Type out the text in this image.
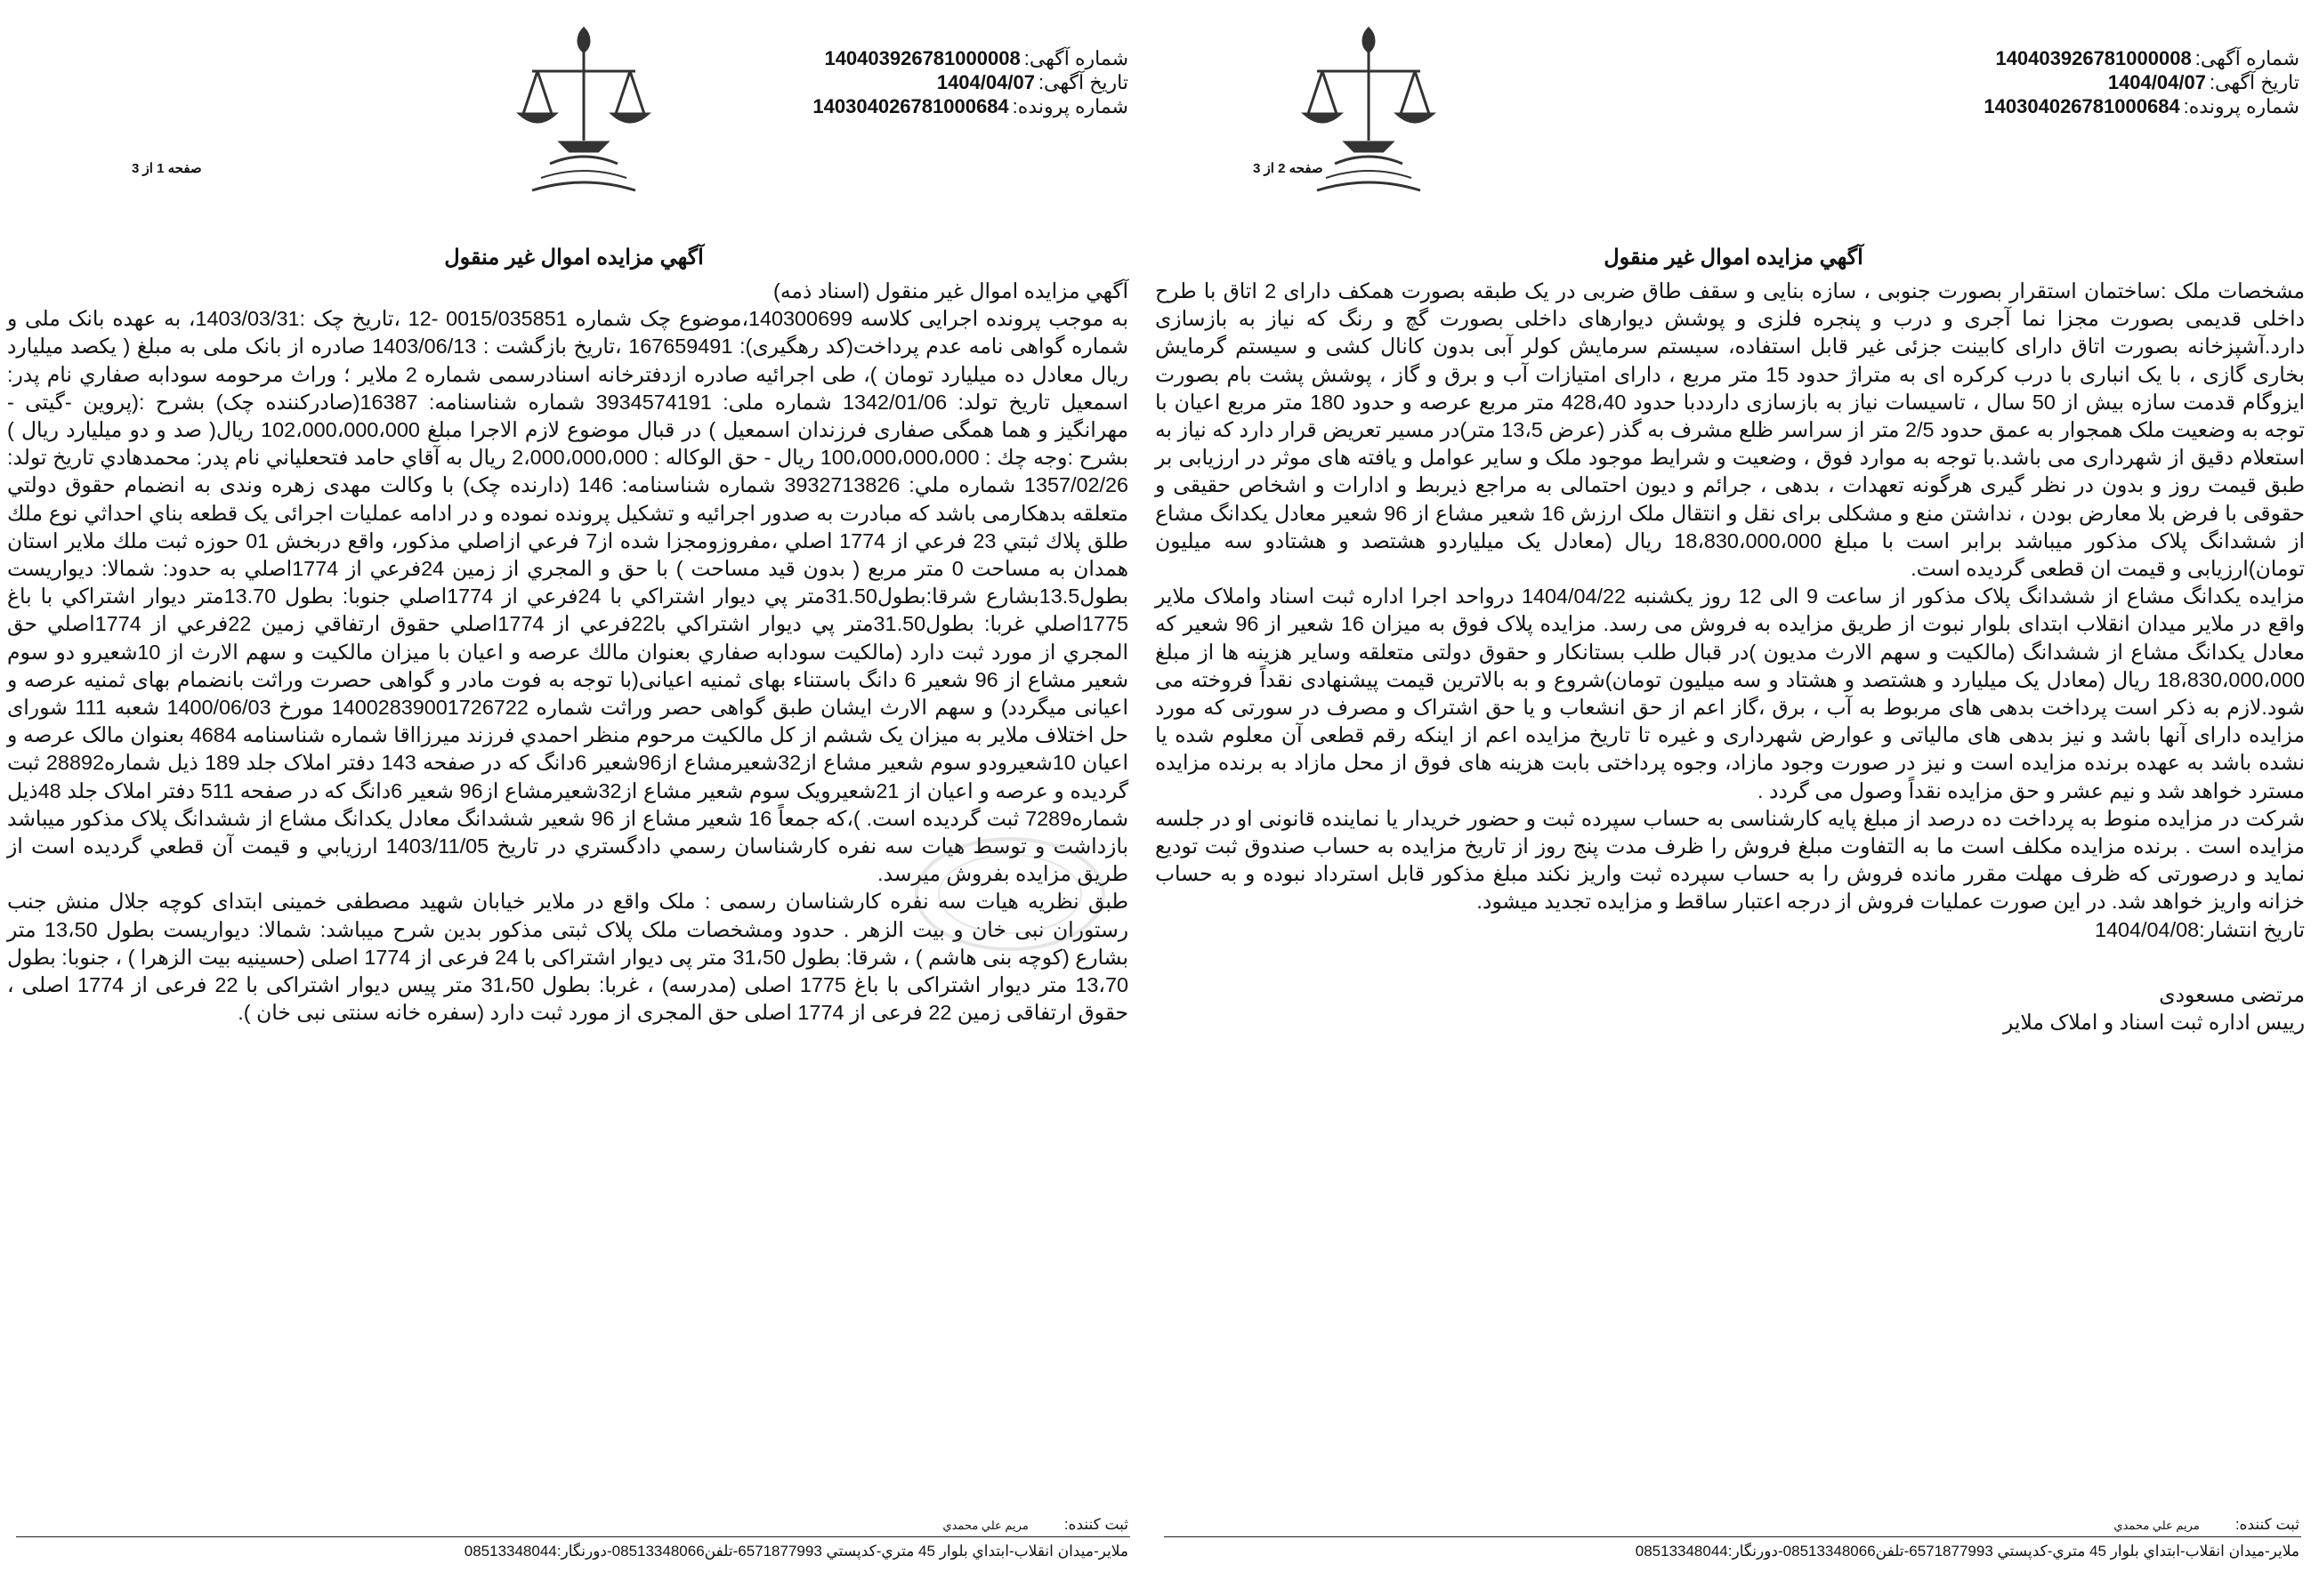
شماره آگهی:140403926781000008
تاریخ آگهی:1404/04/07
شماره پرونده:140304026781000684
صفحه 2 از 3
آگهي مزايده اموال غير منقول

مشخصات ملک :ساختمان استقرار بصورت جنوبی ، سازه بنایی و سقف طاق ضربی در یک طبقه بصورت همکف دارای 2 اتاق با طرح داخلی قدیمی بصورت مجزا نما آجری و درب و پنجره فلزی و پوشش دیوارهای داخلی بصورت گچ و رنگ که نیاز به بازسازی دارد.آشپزخانه بصورت اتاق دارای کابینت جزئی غیر قابل استفاده، سیستم سرمایش کولر آبی بدون کانال کشی و سیستم گرمایش بخاری گازی ، با یک انباری با درب کرکره ای به متراژ حدود 15 متر مربع ، دارای امتیازات آب و برق و گاز ، پوشش پشت بام بصورت ایزوگام قدمت سازه بیش از 50 سال ، تاسیسات نیاز به بازسازی دارددبا حدود 428،40 متر مربع عرصه و حدود 180 متر مربع اعیان با توجه به وضعیت ملک همجوار به عمق حدود 2/5 متر از سراسر ظلع مشرف به گذر (عرض 13،5 متر)در مسیر تعریض قرار دارد که نیاز به استعلام دقیق از شهرداری می باشد.با توجه به موارد فوق ، وضعیت و شرایط موجود ملک و سایر عوامل و یافته های موثر در ارزیابی بر طبق قیمت روز و بدون در نظر گیری هرگونه تعهدات ، بدهی ، جرائم و دیون احتمالی به مراجع ذیربط و ادارات و اشخاص حقیقی و حقوقی با فرض بلا معارض بودن ، نداشتن منع و مشکلی برای نقل و انتقال ملک ارزش 16 شعیر مشاع از 96 شعیر معادل یکدانگ مشاع از ششدانگ پلاک مذکور میباشد برابر است با مبلغ 18،830،000،000 ریال (معادل یک میلیاردو هشتصد و هشتادو سه میلیون تومان)ارزیابی و قیمت ان قطعی گردیده است.

مزایده یکدانگ مشاع از ششدانگ پلاک مذکور از ساعت 9 الی 12 روز یکشنبه 1404/04/22 درواحد اجرا اداره ثبت اسناد واملاک ملایر واقع در ملایر میدان انقلاب ابتدای بلوار نبوت از طریق مزایده به فروش می رسد. مزایده پلاک فوق به میزان 16 شعیر از 96 شعیر که معادل یکدانگ مشاع از ششدانگ (مالکیت و سهم الارث مدیون )در قبال طلب بستانکار و حقوق دولتی متعلقه وسایر هزینه ها از مبلغ 18،830،000،000 ریال (معادل یک میلیارد و هشتصد و هشتاد و سه میلیون تومان)شروع و به بالاترین قیمت پیشنهادی نقداً فروخته می شود.لازم به ذکر است پرداخت بدهی های مربوط به آب ، برق ،گاز اعم از حق انشعاب و یا حق اشتراک و مصرف در سورتی که مورد مزایده دارای آنها باشد و نیز بدهی های مالیاتی و عوارض شهرداری و غیره تا تاریخ مزایده اعم از اینکه رقم قطعی آن معلوم شده یا نشده باشد به عهده برنده مزایده است و نیز در صورت وجود مازاد، وجوه پرداختی بابت هزینه های فوق از محل مازاد به برنده مزایده مسترد خواهد شد و نیم عشر و حق مزایده نقداً وصول می گردد .

شرکت در مزایده منوط به پرداخت ده درصد از مبلغ پایه کارشناسی به حساب سپرده ثبت و حضور خریدار یا نماینده قانونی او در جلسه مزایده است . برنده مزایده مکلف است ما به التفاوت مبلغ فروش را ظرف مدت پنج روز از تاریخ مزایده به حساب صندوق ثبت تودیع نماید و درصورتی که ظرف مهلت مقرر مانده فروش را به حساب سپرده ثبت واریز نکند مبلغ مذکور قابل استرداد نبوده و به حساب خزانه واریز خواهد شد. در این صورت عملیات فروش از درجه اعتبار ساقط و مزایده تجدید میشود.

تاریخ انتشار:1404/04/08

مرتضی مسعودی

رییس اداره ثبت اسناد و املاک ملایر

ثبت کننده:مريم علي محمدي
ملاير-ميدان انقلاب-ابتداي بلوار 45 متري-كدپستي 6571877993-تلفن08513348066-دورنگار:08513348044
شماره آگهی:140403926781000008
تاریخ آگهی:1404/04/07
شماره پرونده:140304026781000684
صفحه 1 از 3
آگهي مزايده اموال غير منقول

آگهي مزايده اموال غير منقول (اسناد ذمه)

به موجب پرونده اجرایی کلاسه 140300699،موضوع چک شماره 0015/035851 -12 ،تاریخ چک :1403/03/31، به عهده بانک ملی و شماره گواهی نامه عدم پرداخت(کد رهگیری): 167659491 ،تاریخ بازگشت : 1403/06/13 صادره از بانک ملی به مبلغ ( یکصد میلیارد ریال معادل ده میلیارد تومان )، طی اجرائیه صادره ازدفترخانه اسنادرسمی شماره 2 ملایر ؛ وراث مرحومه سودابه صفاري نام پدر: اسمعیل تاریخ تولد: 1342/01/06 شماره ملی: 3934574191 شماره شناسنامه: 16387(صادرکننده چک) بشرح :(پروین -گیتی - مهرانگیز و هما همگی صفاری فرزندان اسمعیل ) در قبال موضوع لازم الاجرا مبلغ 102،000،000،000 ریال( صد و دو میلیارد ریال ) بشرح :وجه چك : 100،000،000،000 ريال - حق الوكاله : 2،000،000،000 ريال به آقاي حامد فتحعلياني نام پدر: محمدهادي تاريخ تولد: 1357/02/26 شماره ملي: 3932713826 شماره شناسنامه: 146 (دارنده چک) با وکالت مهدی زهره وندی به انضمام حقوق دولتي متعلقه بدهکارمی باشد که مبادرت به صدور اجرائیه و تشکیل پرونده نموده و در ادامه عملیات اجرائی یک قطعه بناي احداثي نوع ملك طلق پلاك ثبتي 23 فرعي از 1774 اصلي ،مفروزومجزا شده از7 فرعي ازاصلي مذكور، واقع دربخش 01 حوزه ثبت ملك ملاير استان همدان به مساحت 0 متر مربع ( بدون قيد مساحت ) با حق و المجري از زمين 24فرعي از 1774اصلي به حدود: شمالا: ديواريست بطول13.5بشارع شرقا:بطول31.50متر پي ديوار اشتراكي با 24فرعي از 1774اصلي جنوبا: بطول 13.70متر ديوار اشتراكي با باغ 1775اصلي غربا: بطول31.50متر پي ديوار اشتراكي با22فرعي از 1774اصلي حقوق ارتفاقي زمين 22فرعي از 1774اصلي حق المجري از مورد ثبت دارد (مالكيت سودابه صفاري بعنوان مالك عرصه و اعيان با ميزان مالكيت و سهم الارث از 10شعيرو دو سوم شعير مشاع از 96 شعير 6 دانگ باستناء بهای ثمنیه اعیانی(با توجه به فوت مادر و گواهی حصرت وراثت بانضمام بهای ثمنیه عرصه و اعیانی میگردد) و سهم الارث ایشان طبق گواهی حصر وراثت شماره 14002839001726722 مورخ 1400/06/03 شعبه 111 شورای حل اختلاف ملایر به میزان یک ششم از کل مالکیت مرحوم منظر احمدي فرزند میرزااقا شماره شناسنامه 4684 بعنوان مالک عرصه و اعیان 10شعیرودو سوم شعیر مشاع از32شعیرمشاع از96شعیر 6دانگ که در صفحه 143 دفتر املاک جلد 189 ذیل شماره28892 ثبت گردیده و عرصه و اعیان از 21شعیرویک سوم شعیر مشاع از32شعیرمشاع از96 شعیر 6دانگ که در صفحه 511 دفتر املاک جلد 48ذیل شماره7289 ثبت گردیده است. )،که جمعاً 16 شعیر مشاع از 96 شعیر ششدانگ معادل یکدانگ مشاع از ششدانگ پلاک مذکور میباشد بازداشت و توسط هیات سه نفره کارشناسان رسمي دادگستري در تاريخ 1403/11/05 ارزيابي و قيمت آن قطعي گرديده است از طريق مزايده بفروش ميرسد.

طبق نظریه هیات سه نفره کارشناسان رسمی : ملک واقع در ملایر خیابان شهید مصطفی خمینی ابتدای کوچه جلال منش جنب رستوران نبی خان و بیت الزهر . حدود ومشخصات ملک پلاک ثبتی مذکور بدین شرح میباشد: شمالا: دیواریست بطول 13،50 متر بشارع (کوچه بنی هاشم ) ، شرقا: بطول 31،50 متر پی دیوار اشتراکی با 24 فرعی از 1774 اصلی (حسینیه بیت الزهرا ) ، جنوبا: بطول 13،70 متر دیوار اشتراکی با باغ 1775 اصلی (مدرسه) ، غربا: بطول 31،50 متر پیس دیوار اشتراکی با 22 فرعی از 1774 اصلی ، حقوق ارتفاقی زمین 22 فرعی از 1774 اصلی حق المجری از مورد ثبت دارد (سفره خانه سنتی نبی خان ).

ثبت کننده:مريم علي محمدي
ملاير-ميدان انقلاب-ابتداي بلوار 45 متري-كدپستي 6571877993-تلفن08513348066-دورنگار:08513348044
